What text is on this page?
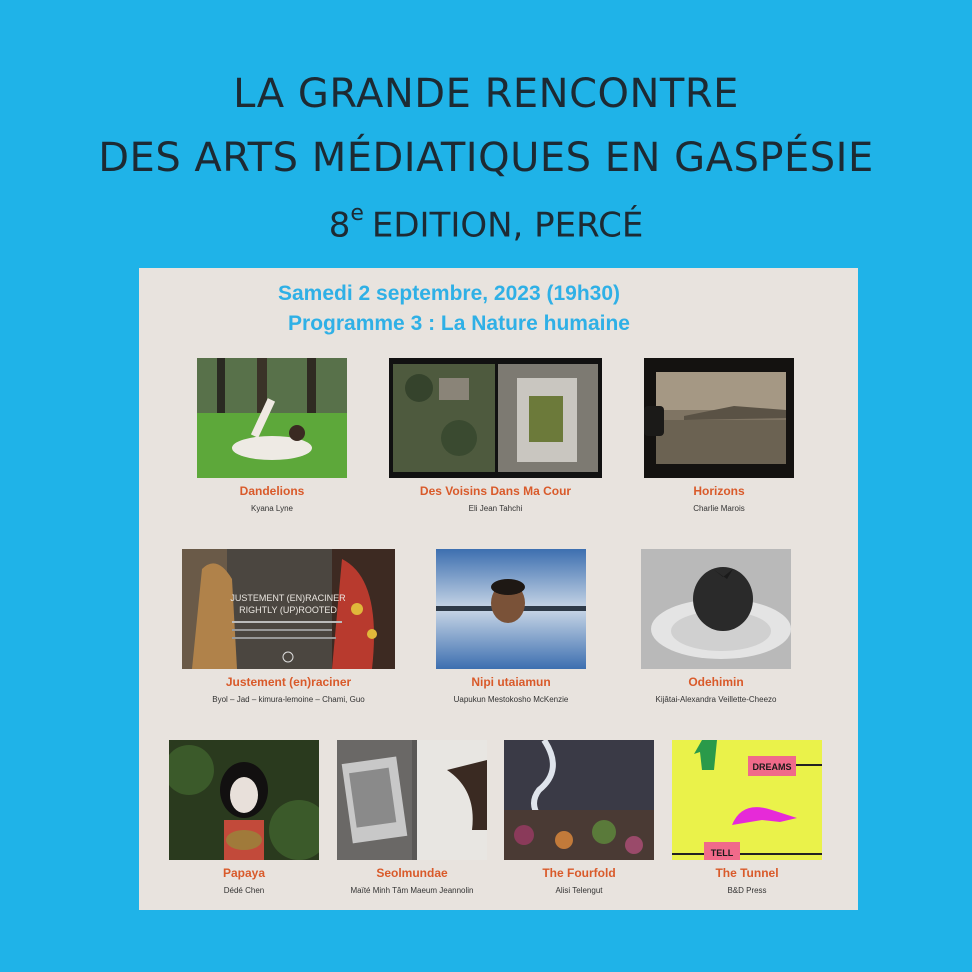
LA GRANDE RENCONTRE
DES ARTS MÉDIATIQUES EN GASPÉSIE
8e EDITION, PERCÉ
Samedi 2 septembre, 2023 (19h30)
Programme 3 : La Nature humaine
Dandelions
Kyana Lyne
Des Voisins Dans Ma Cour
Eli Jean Tahchi
Horizons
Charlie Marois
JUSTEMENT (EN)RACINER
RIGHTLY (UP)ROOTED
Justement (en)raciner
Byol – Jad – kimura-lemoine – Chami, Guo
Nipi utaiamun
Uapukun Mestokosho McKenzie
Odehimin
Kijâtai-Alexandra Veillette-Cheezo
Papaya
Dédé Chen
Seolmundae
Maïté Minh Tâm Maeum Jeannolin
The Fourfold
Alisi Telengut
DREAMS
TELL
The Tunnel
B&D Press
